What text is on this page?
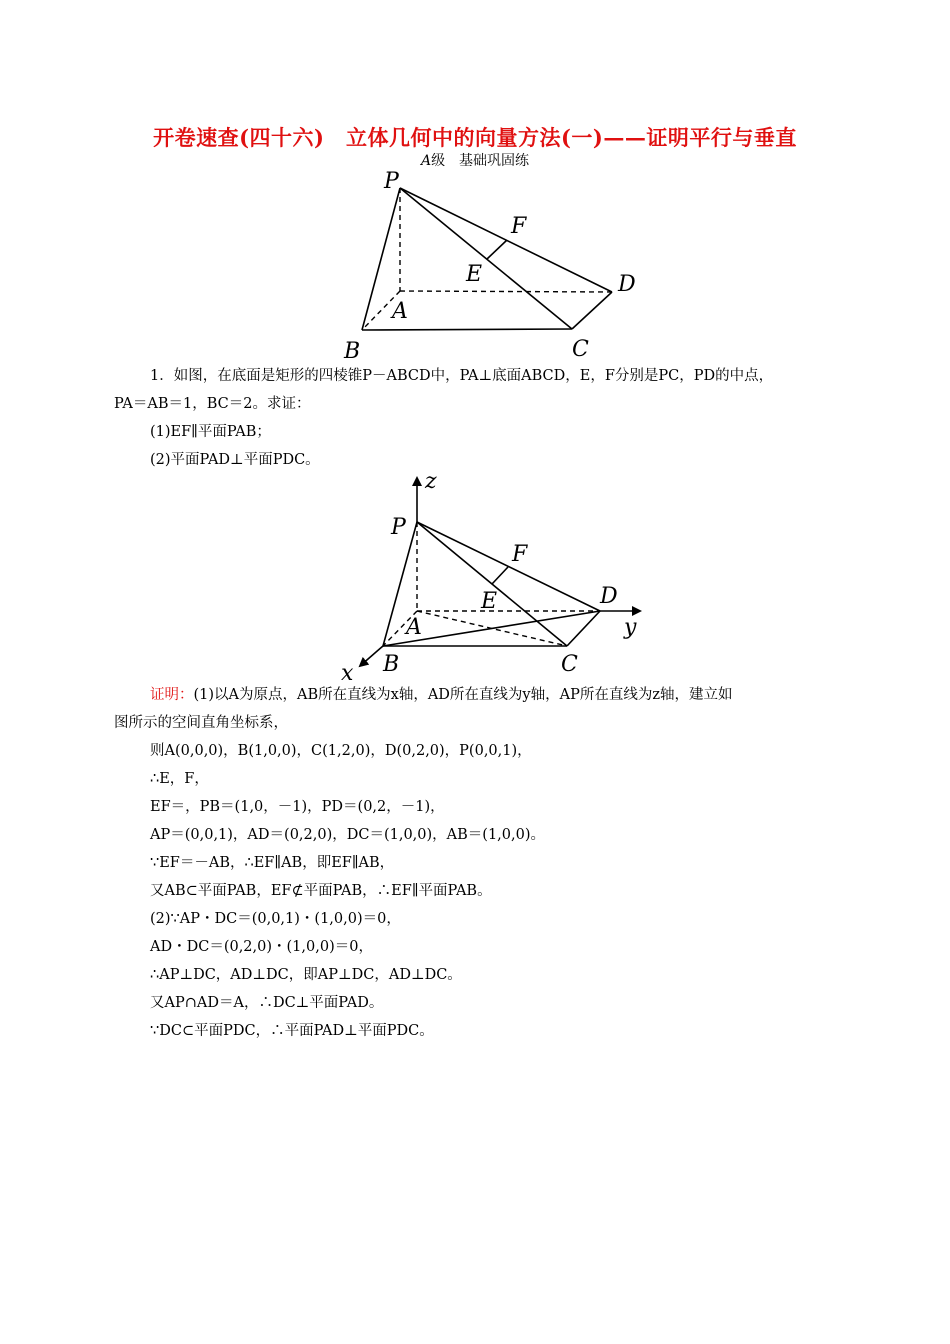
开卷速查(四十六)　立体几何中的向量方法(一)——证明平行与垂直
A级　基础巩固练
P
F
E	D
A
B	C
1．如图，在底面是矩形的四棱锥P－ABCD中，PA⊥底面ABCD，E，F分别是PC，PD的中点，
PA＝AB＝1，BC＝2。求证：
(1)EF∥平面PAB；
(2)平面PAD⊥平面PDC。
z
P
F
E	D
y
A
x B	C
证明：(1)以A为原点，AB所在直线为x轴，AD所在直线为y轴，AP所在直线为z轴，建立如
图所示的空间直角坐标系，
则A(0,0,0)，B(1,0,0)，C(1,2,0)，D(0,2,0)，P(0,0,1)，
∴E，F，
EF＝，PB＝(1,0，－1)，PD＝(0,2，－1)，
AP＝(0,0,1)，AD＝(0,2,0)，DC＝(1,0,0)，AB＝(1,0,0)。
∵EF＝－AB，∴EF∥AB，即EF∥AB，
又AB⊂平面PAB，EF⊄平面PAB，∴EF∥平面PAB。
(2)∵AP・DC＝(0,0,1)・(1,0,0)＝0，
AD・DC＝(0,2,0)・(1,0,0)＝0，
∴AP⊥DC，AD⊥DC，即AP⊥DC，AD⊥DC。
又AP∩AD＝A，∴DC⊥平面PAD。
∵DC⊂平面PDC，∴平面PAD⊥平面PDC。
